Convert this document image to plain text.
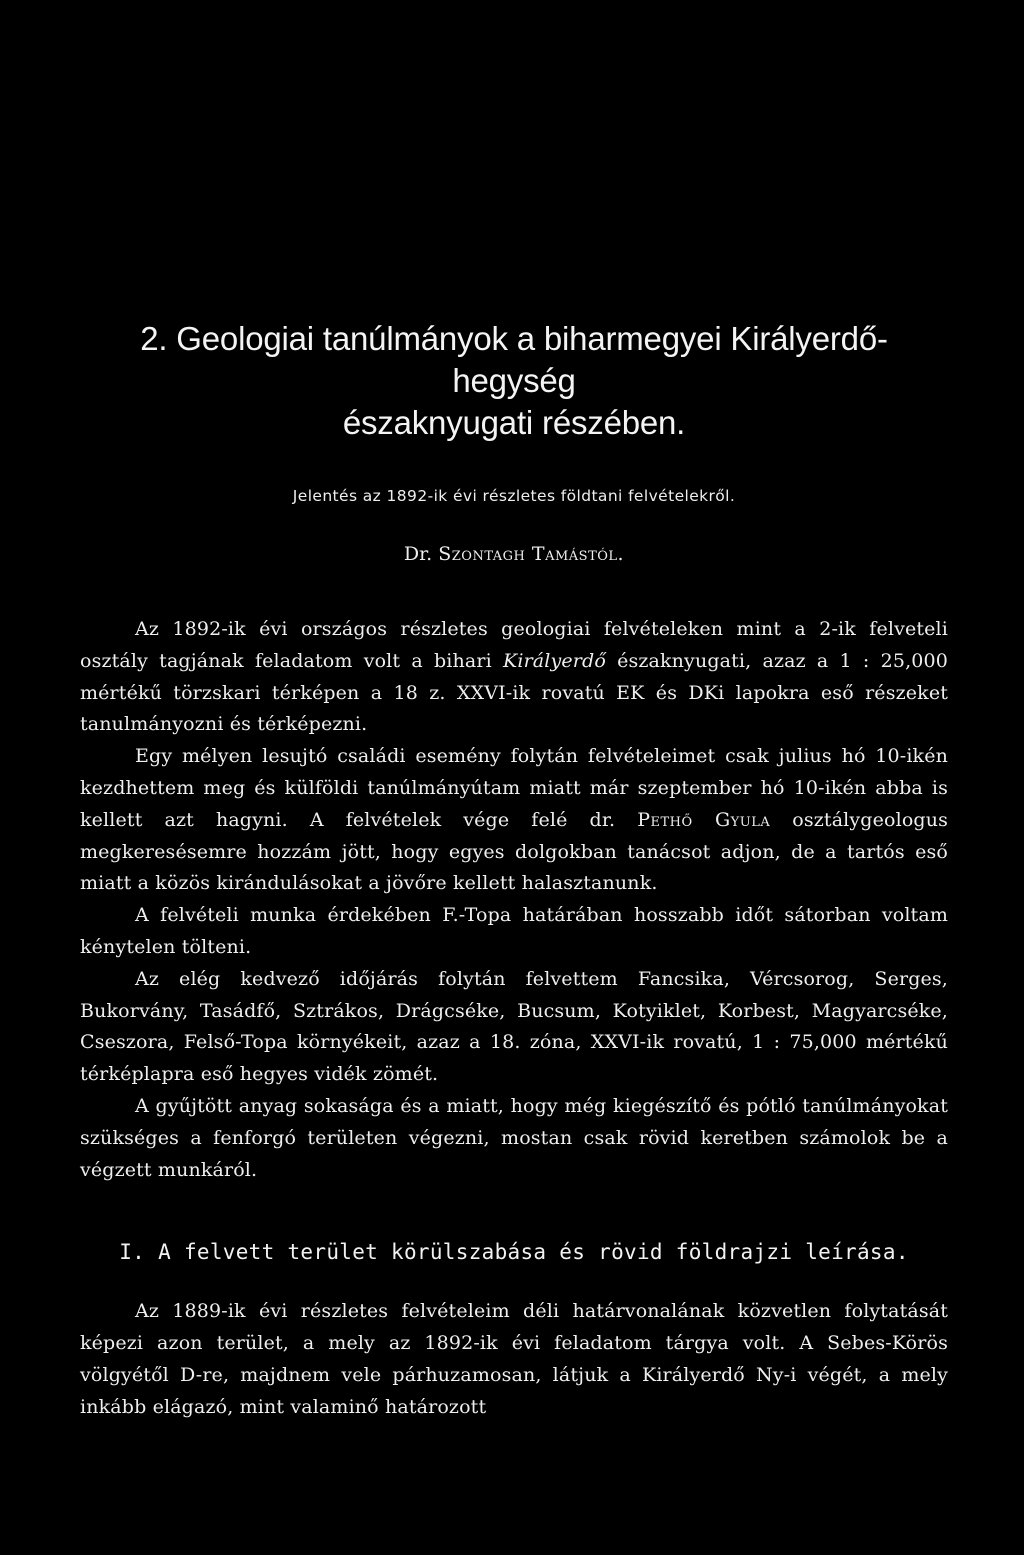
2. Geologiai tanúlmányok a biharmegyei Királyerdő-hegység
északnyugati részében.

Jelentés az 1892-ik évi részletes földtani felvételekről.

Dr. Szontagh Tamástól.

Az 1892-ik évi országos részletes geologiai felvételeken mint a 2-ik felveteli osztály tagjának feladatom volt a bihari Királyerdő északnyugati, azaz a 1 : 25,000 mértékű törzskari térképen a 18 z. XXVI-ik rovatú EK és DKi lapokra eső részeket tanulmányozni és térképezni.

Egy mélyen lesujtó családi esemény folytán felvételeimet csak julius hó 10-ikén kezdhettem meg és külföldi tanúlmányútam miatt már szeptember hó 10-ikén abba is kellett azt hagyni. A felvételek vége felé dr. Pethő Gyula osztálygeologus megkeresésemre hozzám jött, hogy egyes dolgokban tanácsot adjon, de a tartós eső miatt a közös kirándulásokat a jövőre kellett halasztanunk.

A felvételi munka érdekében F.-Topa határában hosszabb időt sátorban voltam kénytelen tölteni.

Az elég kedvező időjárás folytán felvettem Fancsika, Vércsorog, Serges, Bukorvány, Tasádfő, Sztrákos, Drágcséke, Bucsum, Kotyiklet, Korbest, Magyarcséke, Cseszora, Felső-Topa környékeit, azaz a 18. zóna, XXVI-ik rovatú, 1 : 75,000 mértékű térképlapra eső hegyes vidék zömét.

A gyűjtött anyag sokasága és a miatt, hogy még kiegészítő és pótló tanúlmányokat szükséges a fenforgó területen végezni, mostan csak rövid keretben számolok be a végzett munkáról.

I. A felvett terület körülszabása és rövid földrajzi leírása.

Az 1889-ik évi részletes felvételeim déli határvonalának közvetlen folytatását képezi azon terület, a mely az 1892-ik évi feladatom tárgya volt. A Sebes-Körös völgyétől D-re, majdnem vele párhuzamosan, látjuk a Királyerdő Ny-i végét, a mely inkább elágazó, mint valaminő határozott
